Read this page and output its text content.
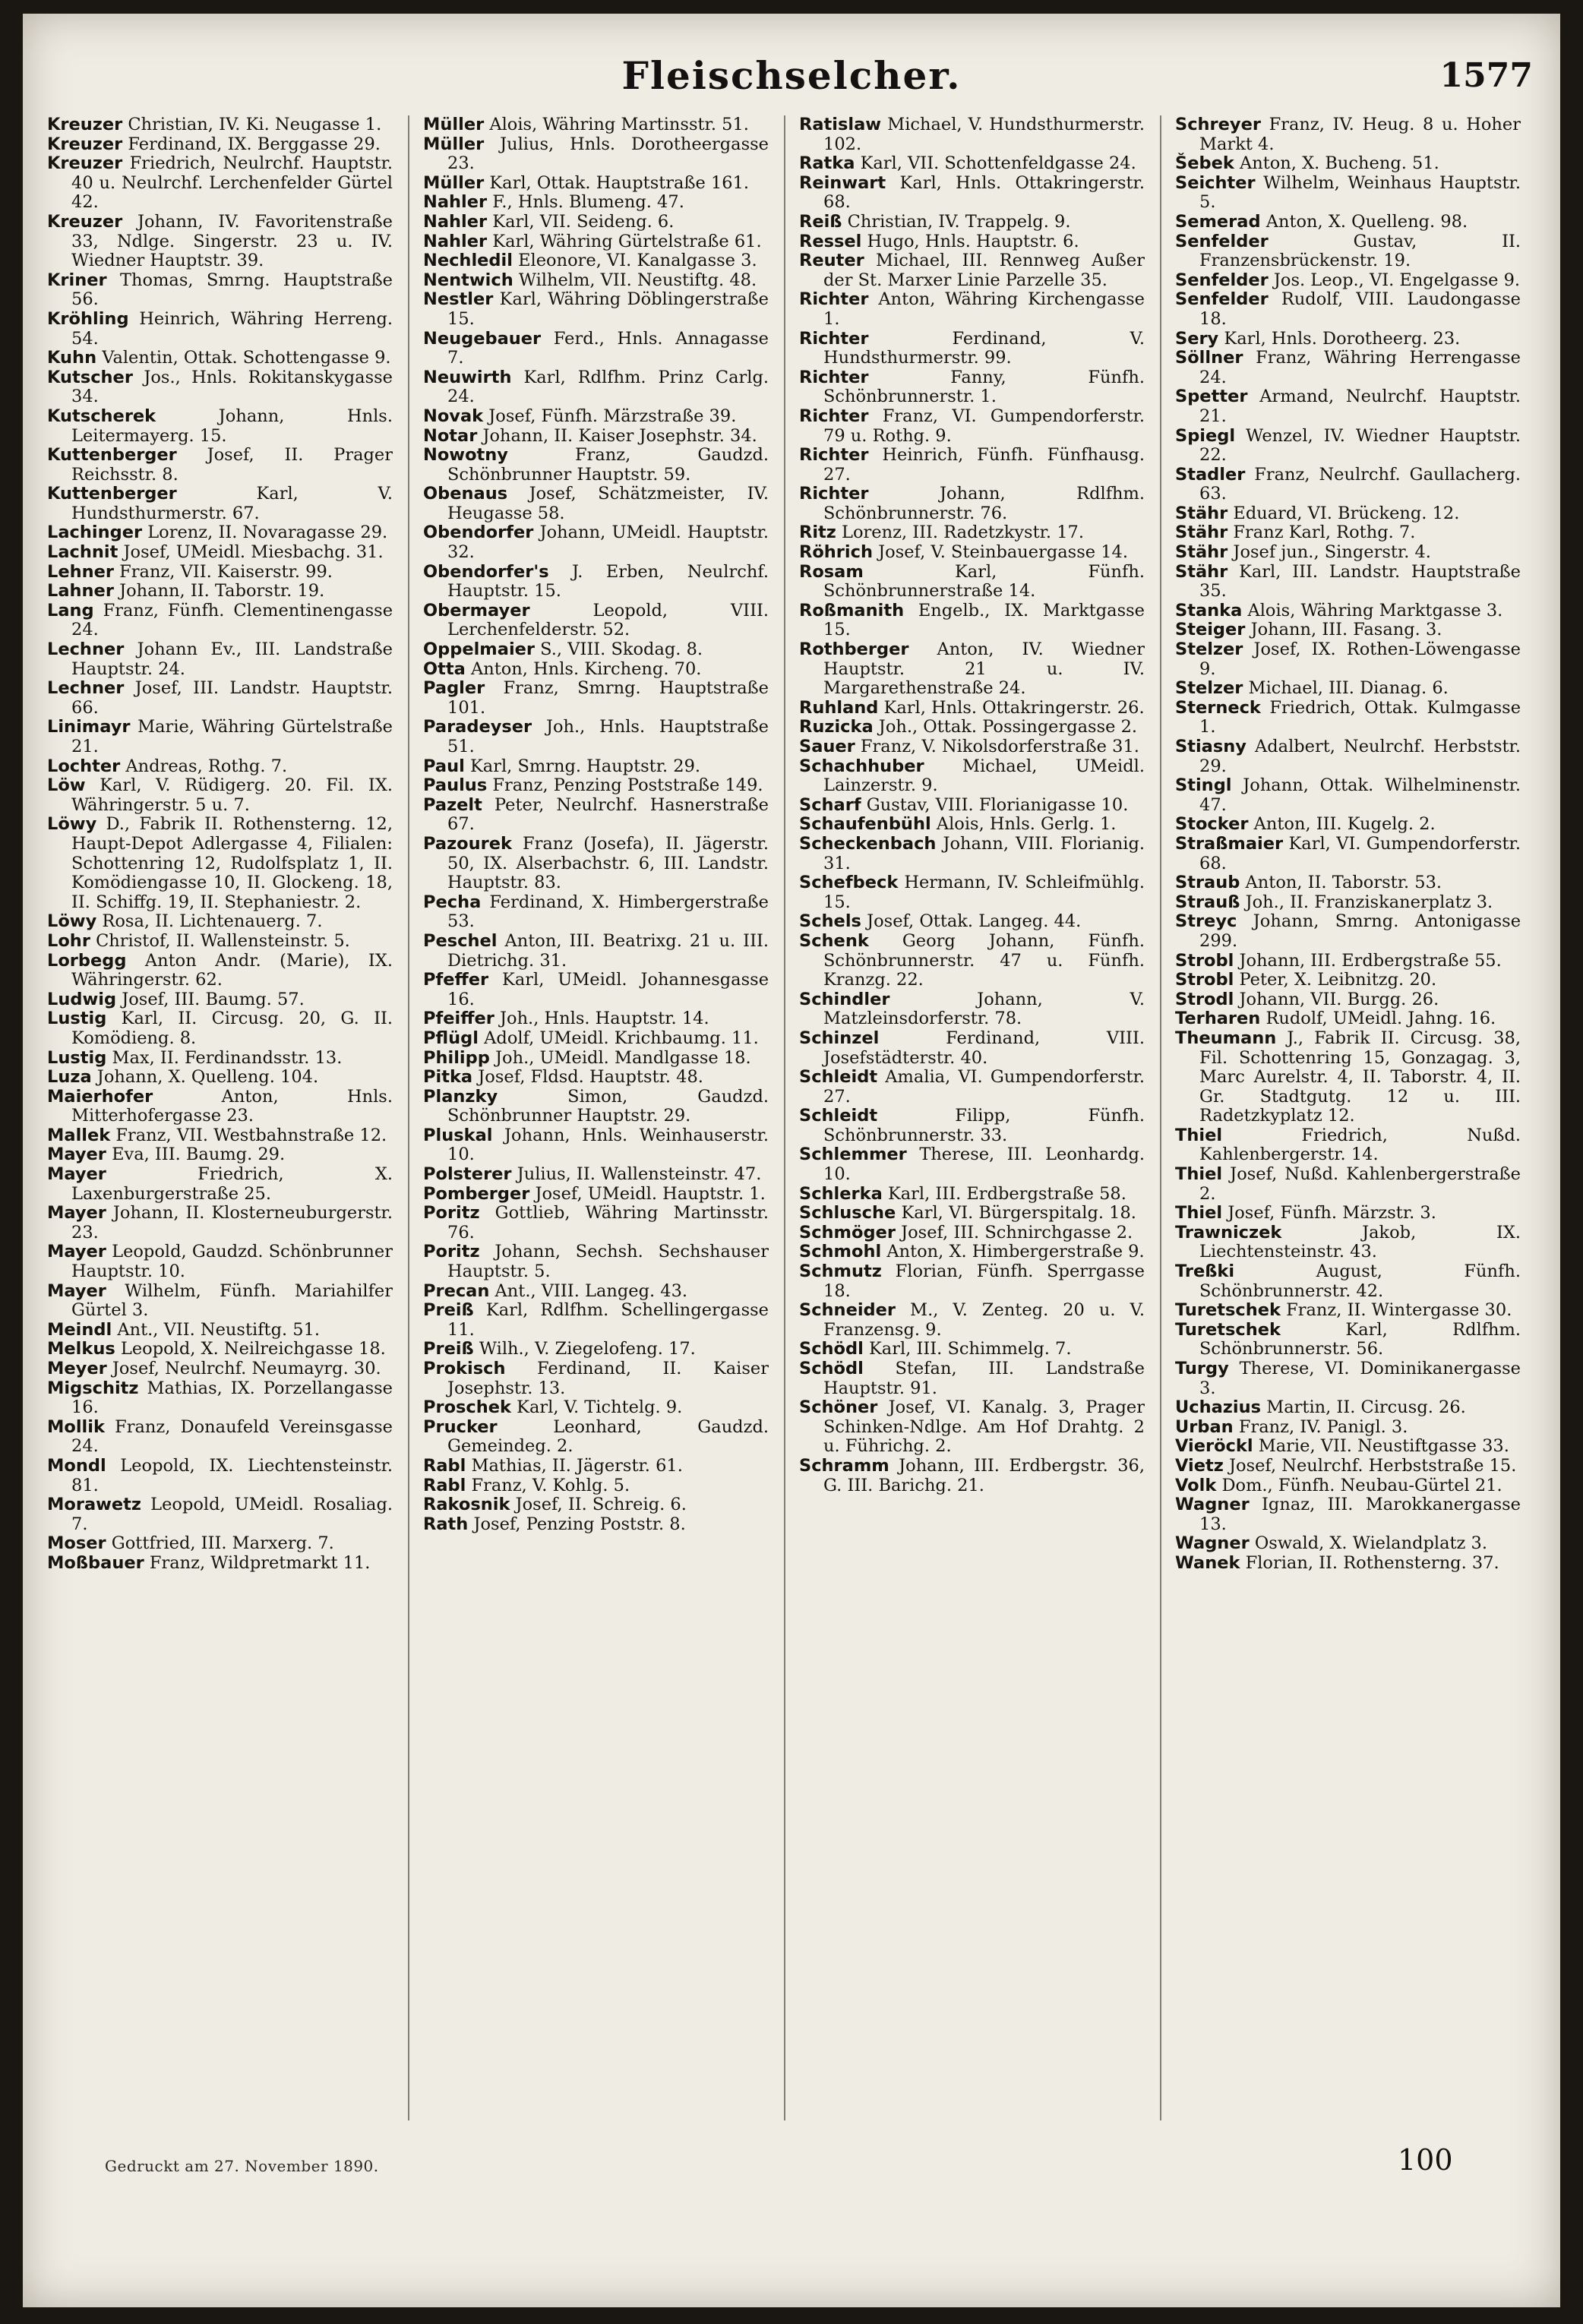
Fleischselcher.	1577
Kreuzer Christian, IV. Ki. Neugasse 1.
Kreuzer Ferdinand, IX. Berggasse 29.
Kreuzer Friedrich, Neulrchf. Hauptstr. 40 u. Neulrchf. Lerchenfelder Gürtel 42.
Kreuzer Johann, IV. Favoritenstraße 33, Ndlge. Singerstr. 23 u. IV. Wiedner Hauptstr. 39.
Kriner Thomas, Smrng. Hauptstraße 56.
Kröhling Heinrich, Währing Herreng. 54.
Kuhn Valentin, Ottak. Schottengasse 9.
Kutscher Jos., Hnls. Rokitanskygasse 34.
Kutscherek	Johann, Hnls. Leitermayerg. 15.
Kuttenberger Josef, II. Prager Reichsstr. 8.
Kuttenberger	Karl, V. Hundsthurmerstr. 67.
Lachinger Lorenz, II. Novaragasse 29.
Lachnit Josef, UMeidl. Miesbachg. 31.
Lehner Franz, VII. Kaiserstr. 99.
Lahner Johann, II. Taborstr. 19.
Lang Franz, Fünfh. Clementinengasse 24.
Lechner Johann Ev., III. Landstraße Hauptstr. 24.
Lechner Josef, III. Landstr. Hauptstr. 66.
Linimayr Marie, Währing Gürtelstraße 21.
Lochter Andreas, Rothg. 7.
Löw Karl, V. Rüdigerg. 20. Fil. IX. Währingerstr. 5 u. 7.
Löwy D., Fabrik II. Rothensterng. 12, Haupt-Depot Adlergasse 4, Filialen: Schottenring 12, Rudolfsplatz 1, II. Komödiengasse 10, II. Glockeng. 18, II. Schiffg. 19, II. Stephaniestr. 2.
Löwy Rosa, II. Lichtenauerg. 7.
Lohr Christof, II. Wallensteinstr. 5.
Lorbegg Anton Andr. (Marie), IX. Währingerstr. 62.
Ludwig Josef, III. Baumg. 57.
Lustig Karl, II. Circusg. 20, G. II. Komödieng. 8.
Lustig Max, II. Ferdinandsstr. 13.
Luza Johann, X. Quelleng. 104.
Maierhofer	Anton, Hnls. Mitterhofergasse 23.
Mallek Franz, VII. Westbahnstraße 12.
Mayer Eva, III. Baumg. 29.
Mayer	Friedrich, X. Laxenburgerstraße 25.
Mayer Johann, II. Klosterneuburgerstr. 23.
Mayer Leopold, Gaudzd. Schönbrunner Hauptstr. 10.
Mayer Wilhelm, Fünfh. Mariahilfer Gürtel 3.
Meindl Ant., VII. Neustiftg. 51.
Melkus Leopold, X. Neilreichgasse 18.
Meyer Josef, Neulrchf. Neumayrg. 30.
Migschitz Mathias, IX. Porzellangasse 16.
Mollik Franz, Donaufeld Vereinsgasse 24.
Mondl Leopold, IX. Liechtensteinstr. 81.
Morawetz Leopold, UMeidl. Rosaliag. 7.
Moser Gottfried, III. Marxerg. 7.
Moßbauer Franz, Wildpretmarkt 11.
Müller Alois, Währing Martinsstr. 51.
Müller Julius, Hnls. Dorotheergasse 23.
Müller Karl, Ottak. Hauptstraße 161.
Nahler F., Hnls. Blumeng. 47.
Nahler Karl, VII. Seideng. 6.
Nahler Karl, Währing Gürtelstraße 61.
Nechledil Eleonore, VI. Kanalgasse 3.
Nentwich Wilhelm, VII. Neustiftg. 48.
Nestler Karl, Währing Döblingerstraße 15.
Neugebauer Ferd., Hnls. Annagasse 7.
Neuwirth Karl, Rdlfhm. Prinz Carlg. 24.
Novak Josef, Fünfh. Märzstraße 39.
Notar Johann, II. Kaiser Josephstr. 34.
Nowotny	Franz, Gaudzd. Schönbrunner Hauptstr. 59.
Obenaus Josef, Schätzmeister, IV. Heugasse 58.
Obendorfer Johann, UMeidl. Hauptstr. 32.
Obendorfer's J. Erben, Neulrchf. Hauptstr. 15.
Obermayer	Leopold, VIII. Lerchenfelderstr. 52.
Oppelmaier S., VIII. Skodag. 8.
Otta Anton, Hnls. Kircheng. 70.
Pagler Franz, Smrng. Hauptstraße 101.
Paradeyser Joh., Hnls. Hauptstraße 51.
Paul Karl, Smrng. Hauptstr. 29.
Paulus Franz, Penzing Poststraße 149.
Pazelt Peter, Neulrchf. Hasnerstraße 67.
Pazourek Franz (Josefa), II. Jägerstr. 50, IX. Alserbachstr. 6, III. Landstr. Hauptstr. 83.
Pecha Ferdinand, X. Himbergerstraße 53.
Peschel Anton, III. Beatrixg. 21 u. III. Dietrichg. 31.
Pfeffer Karl, UMeidl. Johannesgasse 16.
Pfeiffer Joh., Hnls. Hauptstr. 14.
Pflügl Adolf, UMeidl. Krichbaumg. 11.
Philipp Joh., UMeidl. Mandlgasse 18.
Pitka Josef, Fldsd. Hauptstr. 48.
Planzky	Simon, Gaudzd. Schönbrunner Hauptstr. 29.
Pluskal Johann, Hnls. Weinhauserstr. 10.
Polsterer Julius, II. Wallensteinstr. 47.
Pomberger Josef, UMeidl. Hauptstr. 1.
Poritz Gottlieb, Währing Martinsstr. 76.
Poritz Johann, Sechsh. Sechshauser Hauptstr. 5.
Precan Ant., VIII. Langeg. 43.
Preiß Karl, Rdlfhm. Schellingergasse 11.
Preiß Wilh., V. Ziegelofeng. 17.
Prokisch Ferdinand, II. Kaiser Josephstr. 13.
Proschek Karl, V. Tichtelg. 9.
Prucker	Leonhard, Gaudzd. Gemeindeg. 2.
Rabl Mathias, II. Jägerstr. 61.
Rabl Franz, V. Kohlg. 5.
Rakosnik Josef, II. Schreig. 6.
Rath Josef, Penzing Poststr. 8.
Ratislaw Michael, V. Hundsthurmerstr. 102.
Ratka Karl, VII. Schottenfeldgasse 24.
Reinwart Karl, Hnls. Ottakringerstr. 68.
Reiß Christian, IV. Trappelg. 9.
Ressel Hugo, Hnls. Hauptstr. 6.
Reuter Michael, III. Rennweg Außer der St. Marxer Linie Parzelle 35.
Richter Anton, Währing Kirchengasse 1.
Richter	Ferdinand, V. Hundsthurmerstr. 99.
Richter	Fanny, Fünfh. Schönbrunnerstr. 1.
Richter Franz, VI. Gumpendorferstr. 79 u. Rothg. 9.
Richter Heinrich, Fünfh. Fünfhausg. 27.
Richter	Johann, Rdlfhm. Schönbrunnerstr. 76.
Ritz Lorenz, III. Radetzkystr. 17.
Röhrich Josef, V. Steinbauergasse 14.
Rosam	Karl, Fünfh. Schönbrunnerstraße 14.
Roßmanith Engelb., IX. Marktgasse 15.
Rothberger Anton, IV. Wiedner Hauptstr. 21 u. IV. Margarethenstraße 24.
Ruhland Karl, Hnls. Ottakringerstr. 26.
Ruzicka Joh., Ottak. Possingergasse 2.
Sauer Franz, V. Nikolsdorferstraße 31.
Schachhuber Michael, UMeidl. Lainzerstr. 9.
Scharf Gustav, VIII. Florianigasse 10.
Schaufenbühl Alois, Hnls. Gerlg. 1.
Scheckenbach Johann, VIII. Florianig. 31.
Schefbeck Hermann, IV. Schleifmühlg. 15.
Schels Josef, Ottak. Langeg. 44.
Schenk Georg Johann, Fünfh. Schönbrunnerstr. 47 u. Fünfh. Kranzg. 22.
Schindler	Johann, V. Matzleinsdorferstr. 78.
Schinzel	Ferdinand, VIII. Josefstädterstr. 40.
Schleidt Amalia, VI. Gumpendorferstr. 27.
Schleidt	Filipp, Fünfh. Schönbrunnerstr. 33.
Schlemmer Therese, III. Leonhardg. 10.
Schlerka Karl, III. Erdbergstraße 58.
Schlusche Karl, VI. Bürgerspitalg. 18.
Schmöger Josef, III. Schnirchgasse 2.
Schmohl Anton, X. Himbergerstraße 9.
Schmutz Florian, Fünfh. Sperrgasse 18.
Schneider M., V. Zenteg. 20 u. V. Franzensg. 9.
Schödl Karl, III. Schimmelg. 7.
Schödl Stefan, III. Landstraße Hauptstr. 91.
Schöner Josef, VI. Kanalg. 3, Prager Schinken-Ndlge. Am Hof Drahtg. 2 u. Führichg. 2.
Schramm Johann, III. Erdbergstr. 36, G. III. Barichg. 21.
Schreyer Franz, IV. Heug. 8 u. Hoher Markt 4.
Šebek Anton, X. Bucheng. 51.
Seichter Wilhelm, Weinhaus Hauptstr. 5.
Semerad Anton, X. Quelleng. 98.
Senfelder	Gustav, II. Franzensbrückenstr. 19.
Senfelder Jos. Leop., VI. Engelgasse 9.
Senfelder Rudolf, VIII. Laudongasse 18.
Sery Karl, Hnls. Dorotheerg. 23.
Söllner Franz, Währing Herrengasse 24.
Spetter Armand, Neulrchf. Hauptstr. 21.
Spiegl Wenzel, IV. Wiedner Hauptstr. 22.
Stadler Franz, Neulrchf. Gaullacherg. 63.
Stähr Eduard, VI. Brückeng. 12.
Stähr Franz Karl, Rothg. 7.
Stähr Josef jun., Singerstr. 4.
Stähr Karl, III. Landstr. Hauptstraße 35.
Stanka Alois, Währing Marktgasse 3.
Steiger Johann, III. Fasang. 3.
Stelzer Josef, IX. Rothen-Löwengasse 9.
Stelzer Michael, III. Dianag. 6.
Sterneck Friedrich, Ottak. Kulmgasse 1.
Stiasny Adalbert, Neulrchf. Herbststr. 29.
Stingl Johann, Ottak. Wilhelminenstr. 47.
Stocker Anton, III. Kugelg. 2.
Straßmaier Karl, VI. Gumpendorferstr. 68.
Straub Anton, II. Taborstr. 53.
Strauß Joh., II. Franziskanerplatz 3.
Streyc Johann, Smrng. Antonigasse 299.
Strobl Johann, III. Erdbergstraße 55.
Strobl Peter, X. Leibnitzg. 20.
Strodl Johann, VII. Burgg. 26.
Terharen Rudolf, UMeidl. Jahng. 16.
Theumann J., Fabrik II. Circusg. 38, Fil. Schottenring 15, Gonzagag. 3, Marc Aurelstr. 4, II. Taborstr. 4, II. Gr. Stadtgutg. 12 u. III. Radetzkyplatz 12.
Thiel	Friedrich, Nußd. Kahlenbergerstr. 14.
Thiel Josef, Nußd. Kahlenbergerstraße 2.
Thiel Josef, Fünfh. Märzstr. 3.
Trawniczek	Jakob, IX. Liechtensteinstr. 43.
Treßki	August, Fünfh. Schönbrunnerstr. 42.
Turetschek Franz, II. Wintergasse 30.
Turetschek	Karl, Rdlfhm. Schönbrunnerstr. 56.
Turgy Therese, VI. Dominikanergasse 3.
Uchazius Martin, II. Circusg. 26.
Urban Franz, IV. Panigl. 3.
Vieröckl Marie, VII. Neustiftgasse 33.
Vietz Josef, Neulrchf. Herbststraße 15.
Volk Dom., Fünfh. Neubau-Gürtel 21.
Wagner Ignaz, III. Marokkanergasse 13.
Wagner Oswald, X. Wielandplatz 3.
Wanek Florian, II. Rothensterng. 37.
Gedruckt am 27. November 1890.	100
